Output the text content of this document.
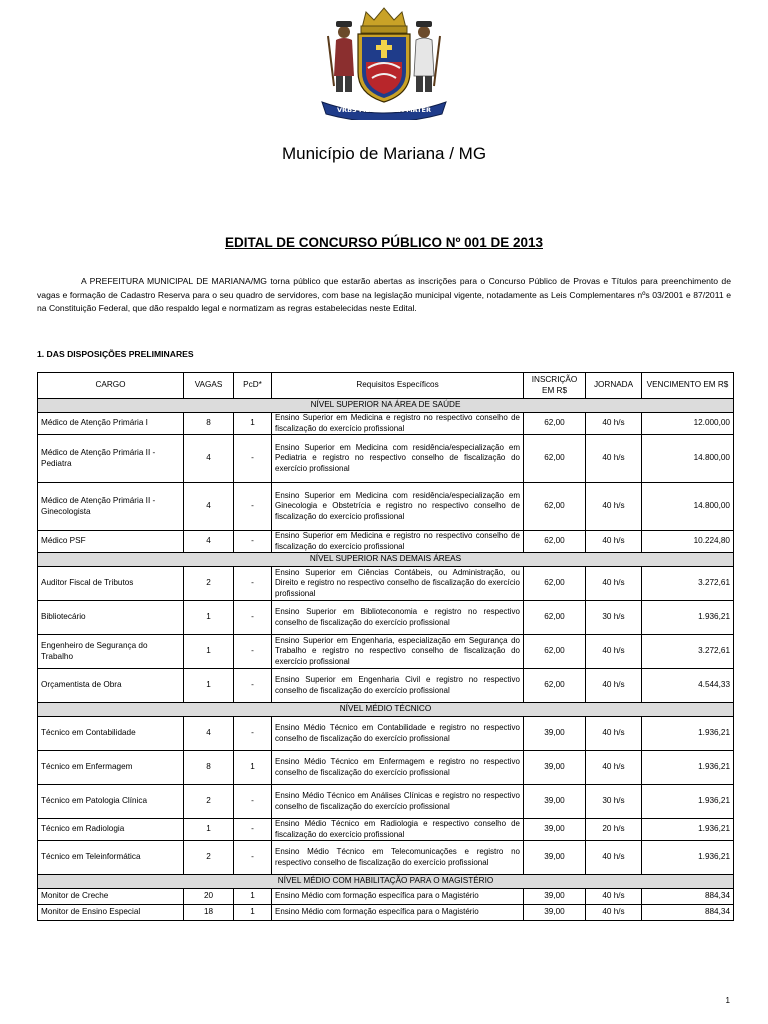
VRBS MEA CELVLA MATER
Município de Mariana / MG
EDITAL DE CONCURSO PÚBLICO Nº 001 DE 2013
A PREFEITURA MUNICIPAL DE MARIANA/MG torna público que estarão abertas as inscrições para o Concurso Público de Provas e Títulos para preenchimento de vagas e formação de Cadastro Reserva para o seu quadro de servidores, com base na legislação municipal vigente, notadamente as Leis Complementares nºs 03/2001 e 87/2011 e na Constituição Federal, que dão respaldo legal e normatizam as regras estabelecidas neste Edital.
1. DAS DISPOSIÇÕES PRELIMINARES
CARGO	VAGAS	PcD*	Requisitos Específicos	INSCRIÇÃO EM R$	JORNADA	VENCIMENTO EM R$
NÍVEL SUPERIOR NA ÁREA DE SAÚDE						
Médico de Atenção Primária I	8	1	Ensino Superior em Medicina e registro no respectivo conselho de fiscalização do exercício profissional	62,00	40 h/s	12.000,00
Médico de Atenção Primária II - Pediatra	4	-	Ensino Superior em Medicina com residência/especialização em Pediatria e registro no respectivo conselho de fiscalização do exercício profissional	62,00	40 h/s	14.800,00
Médico de Atenção Primária II - Ginecologista	4	-	Ensino Superior em Medicina com residência/especialização em Ginecologia e Obstetrícia e registro no respectivo conselho de fiscalização do exercício profissional	62,00	40 h/s	14.800,00
Médico PSF	4	-	Ensino Superior em Medicina e registro no respectivo conselho de fiscalização do exercício profissional	62,00	40 h/s	10.224,80
NÍVEL SUPERIOR NAS DEMAIS ÁREAS						
Auditor Fiscal de Tributos	2	-	Ensino Superior em Ciências Contábeis, ou Administração, ou Direito e registro no respectivo conselho de fiscalização do exercício profissional	62,00	40 h/s	3.272,61
Bibliotecário	1	-	Ensino Superior em Biblioteconomia e registro no respectivo conselho de fiscalização do exercício profissional	62,00	30 h/s	1.936,21
Engenheiro de Segurança do Trabalho	1	-	Ensino Superior em Engenharia, especialização em Segurança do Trabalho e registro no respectivo conselho de fiscalização do exercício profissional	62,00	40 h/s	3.272,61
Orçamentista de Obra	1	-	Ensino Superior em Engenharia Civil e registro no respectivo conselho de fiscalização do exercício profissional	62,00	40 h/s	4.544,33
NÍVEL MÉDIO TÉCNICO						
Técnico em Contabilidade	4	-	Ensino Médio Técnico em Contabilidade e registro no respectivo conselho de fiscalização do exercício profissional	39,00	40 h/s	1.936,21
Técnico em Enfermagem	8	1	Ensino Médio Técnico em Enfermagem e registro no respectivo conselho de fiscalização do exercício profissional	39,00	40 h/s	1.936,21
Técnico em Patologia Clínica	2	-	Ensino Médio Técnico em Análises Clínicas e registro no respectivo conselho de fiscalização do exercício profissional	39,00	30 h/s	1.936,21
Técnico em Radiologia	1	-	Ensino Médio Técnico em Radiologia e respectivo conselho de fiscalização do exercício profissional	39,00	20 h/s	1.936,21
Técnico em Teleinformática	2	-	Ensino Médio Técnico em Telecomunicações e registro no respectivo conselho de fiscalização do exercício profissional	39,00	40 h/s	1.936,21
NÍVEL MÉDIO COM HABILITAÇÃO PARA O MAGISTÉRIO						
Monitor de Creche	20	1	Ensino Médio com formação específica para o Magistério	39,00	40 h/s	884,34
Monitor de Ensino Especial	18	1	Ensino Médio com formação específica para o Magistério	39,00	40 h/s	884,34
1
